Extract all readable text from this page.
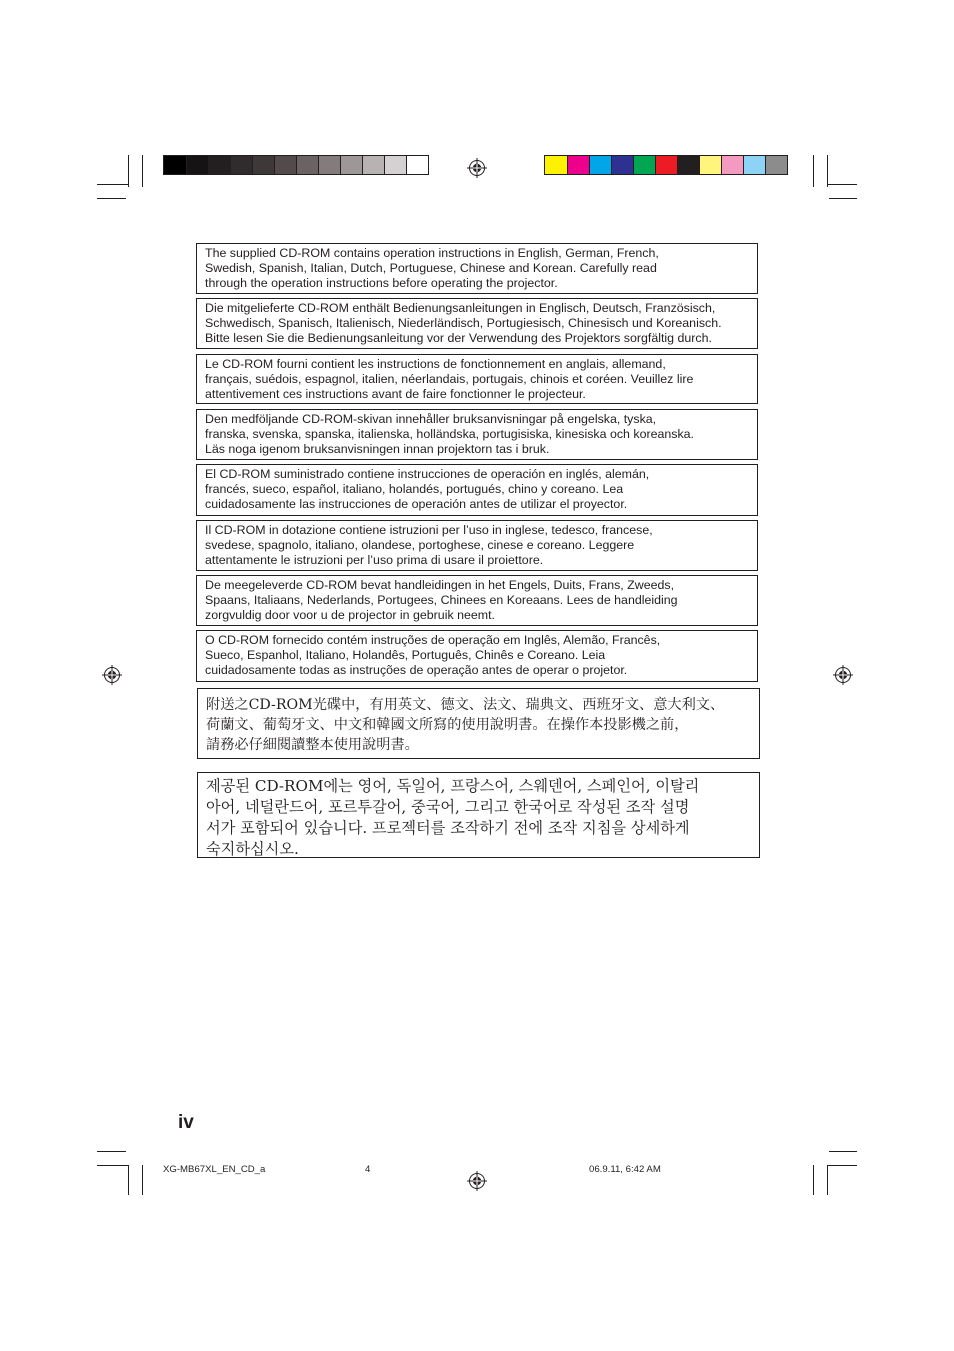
The supplied CD-ROM contains operation instructions in English, German, French,
Swedish, Spanish, Italian, Dutch, Portuguese, Chinese and Korean. Carefully read
through the operation instructions before operating the projector.
Die mitgelieferte CD-ROM enthält Bedienungsanleitungen in Englisch, Deutsch, Französisch,
Schwedisch, Spanisch, Italienisch, Niederländisch, Portugiesisch, Chinesisch und Koreanisch.
Bitte lesen Sie die Bedienungsanleitung vor der Verwendung des Projektors sorgfältig durch.
Le CD-ROM fourni contient les instructions de fonctionnement en anglais, allemand,
français, suédois, espagnol, italien, néerlandais, portugais, chinois et coréen. Veuillez lire
attentivement ces instructions avant de faire fonctionner le projecteur.
Den medföljande CD-ROM-skivan innehåller bruksanvisningar på engelska, tyska,
franska, svenska, spanska, italienska, holländska, portugisiska, kinesiska och koreanska.
Läs noga igenom bruksanvisningen innan projektorn tas i bruk.
El CD-ROM suministrado contiene instrucciones de operación en inglés, alemán,
francés, sueco, español, italiano, holandés, portugués, chino y coreano. Lea
cuidadosamente las instrucciones de operación antes de utilizar el proyector.
Il CD-ROM in dotazione contiene istruzioni per l’uso in inglese, tedesco, francese,
svedese, spagnolo, italiano, olandese, portoghese, cinese e coreano. Leggere
attentamente le istruzioni per l’uso prima di usare il proiettore.
De meegeleverde CD-ROM bevat handleidingen in het Engels, Duits, Frans, Zweeds,
Spaans, Italiaans, Nederlands, Portugees, Chinees en Koreaans. Lees de handleiding
zorgvuldig door voor u de projector in gebruik neemt.
O CD-ROM fornecido contém instruções de operação em Inglês, Alemão, Francês,
Sueco, Espanhol, Italiano, Holandês, Português, Chinês e Coreano. Leia
cuidadosamente todas as instruções de operação antes de operar o projetor.
附送之CD-ROM光碟中，有用英文、德文、法文、瑞典文、西班牙文、意大利文、
荷蘭文、葡萄牙文、中文和韓國文所寫的使用說明書。在操作本投影機之前，
請務必仔細閱讀整本使用說明書。
제공된 CD-ROM에는 영어, 독일어, 프랑스어, 스웨덴어, 스페인어, 이탈리
아어, 네덜란드어, 포르투갈어, 중국어, 그리고 한국어로 작성된 조작 설명
서가 포함되어 있습니다. 프로젝터를 조작하기 전에 조작 지침을 상세하게
숙지하십시오.
iv
XG-MB67XL_EN_CD_a	4	06.9.11, 6:42 AM
